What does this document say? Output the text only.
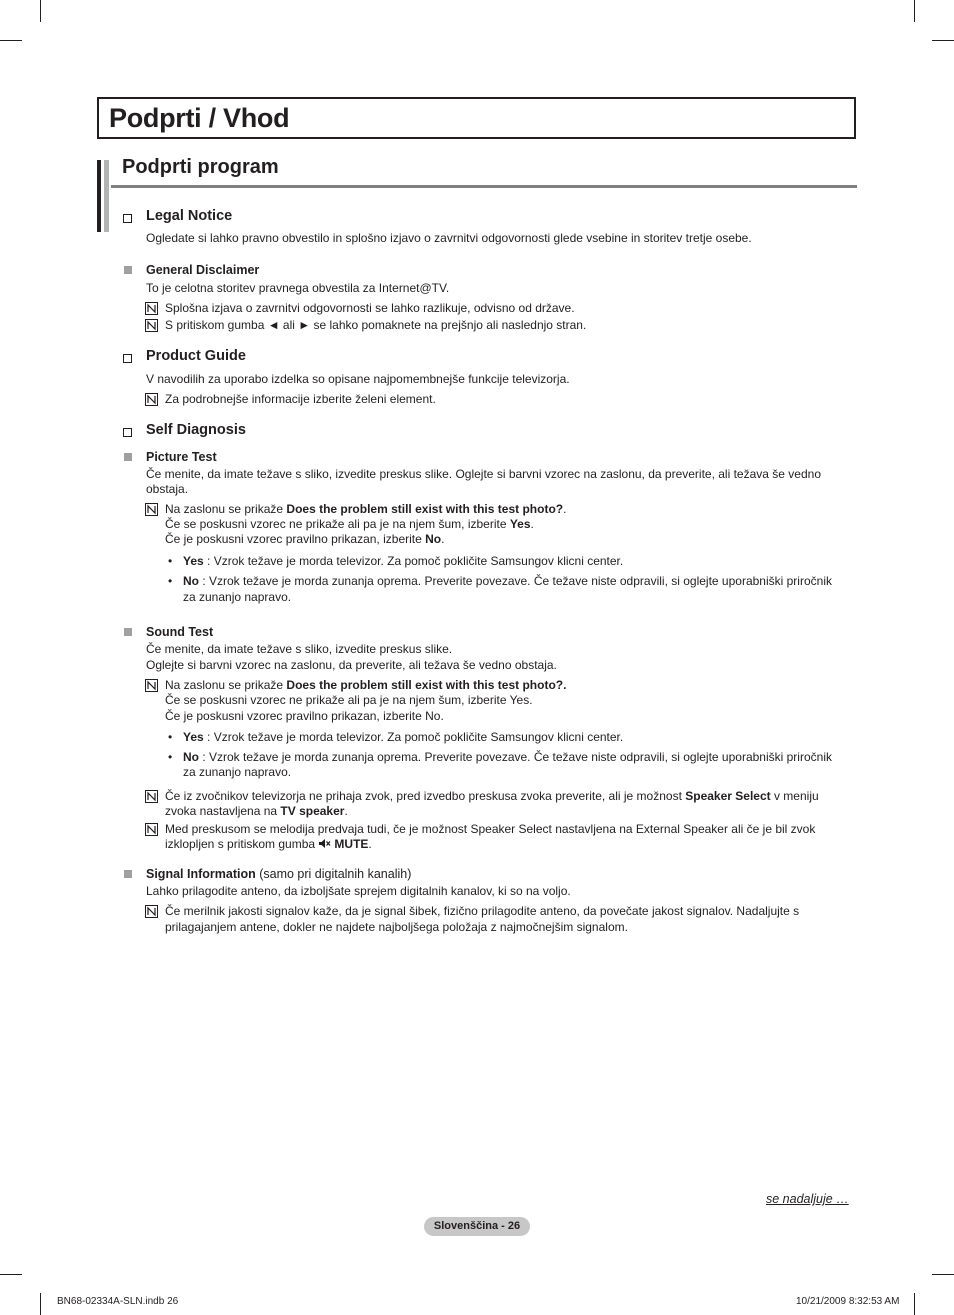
Podprti / Vhod
Podprti program
Legal Notice
Ogledate si lahko pravno obvestilo in splošno izjavo o zavrnitvi odgovornosti glede vsebine in storitev tretje osebe.
General Disclaimer
To je celotna storitev pravnega obvestila za Internet@TV.
Splošna izjava o zavrnitvi odgovornosti se lahko razlikuje, odvisno od države.
S pritiskom gumba ◄ ali ► se lahko pomaknete na prejšnjo ali naslednjo stran.
Product Guide
V navodilih za uporabo izdelka so opisane najpomembnejše funkcije televizorja.
Za podrobnejše informacije izberite želeni element.
Self Diagnosis
Picture Test
Če menite, da imate težave s sliko, izvedite preskus slike. Oglejte si barvni vzorec na zaslonu, da preverite, ali težava še vedno
obstaja.
Na zaslonu se prikaže Does the problem still exist with this test photo?.
Če se poskusni vzorec ne prikaže ali pa je na njem šum, izberite Yes.
Če je poskusni vzorec pravilno prikazan, izberite No.
• Yes : Vzrok težave je morda televizor. Za pomoč pokličite Samsungov klicni center.
• No : Vzrok težave je morda zunanja oprema. Preverite povezave. Če težave niste odpravili, si oglejte uporabniški priročnik
za zunanjo napravo.
Sound Test
Če menite, da imate težave s sliko, izvedite preskus slike.
Oglejte si barvni vzorec na zaslonu, da preverite, ali težava še vedno obstaja.
Na zaslonu se prikaže Does the problem still exist with this test photo?.
Če se poskusni vzorec ne prikaže ali pa je na njem šum, izberite Yes.
Če je poskusni vzorec pravilno prikazan, izberite No.
• Yes : Vzrok težave je morda televizor. Za pomoč pokličite Samsungov klicni center.
• No : Vzrok težave je morda zunanja oprema. Preverite povezave. Če težave niste odpravili, si oglejte uporabniški priročnik
za zunanjo napravo.
Če iz zvočnikov televizorja ne prihaja zvok, pred izvedbo preskusa zvoka preverite, ali je možnost Speaker Select v meniju
zvoka nastavljena na TV speaker.
Med preskusom se melodija predvaja tudi, če je možnost Speaker Select nastavljena na External Speaker ali če je bil zvok
izklopljen s pritiskom gumba MUTE.
Signal Information (samo pri digitalnih kanalih)
Lahko prilagodite anteno, da izboljšate sprejem digitalnih kanalov, ki so na voljo.
Če merilnik jakosti signalov kaže, da je signal šibek, fizično prilagodite anteno, da povečate jakost signalov. Nadaljujte s
prilagajanjem antene, dokler ne najdete najboljšega položaja z najmočnejšim signalom.
se nadaljuje …
Slovenščina - 26
BN68-02334A-SLN.indb 26	10/21/2009 8:32:53 AM
